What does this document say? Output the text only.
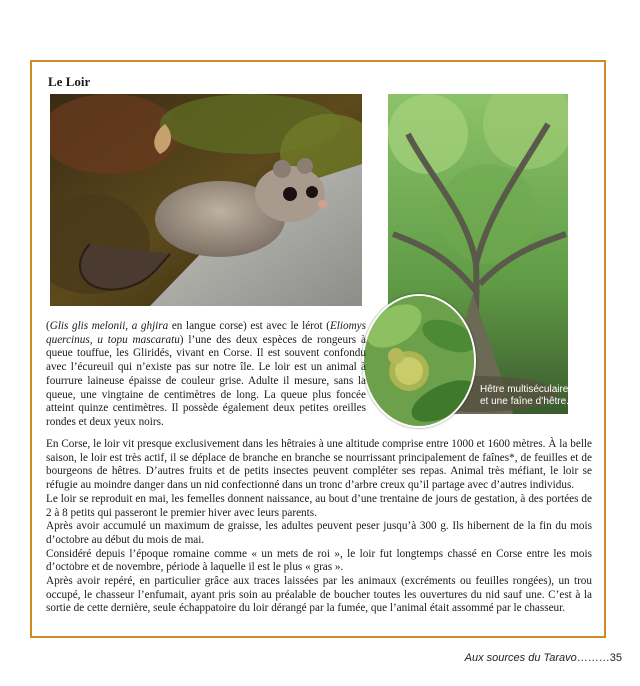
Le Loir
Hêtre multiséculaire et une faîne d’hêtre.

(Glis glis melonii, a ghjira en langue corse) est avec le lérot (Eliomys quercinus, u topu mascaratu) l’une des deux espèces de rongeurs à queue touffue, les Gliridés, vivant en Corse. Il est souvent confondu avec l’écureuil qui n’existe pas sur notre île. Le loir est un animal à fourrure laineuse épaisse de couleur grise. Adulte il mesure, sans la queue, une vingtaine de centimètres de long. La queue plus foncée atteint quinze centimètres. Il possède également deux petites oreilles rondes et deux yeux noirs.

En Corse, le loir vit presque exclusivement dans les hêtraies à une altitude comprise entre 1000 et 1600 mètres. À la belle saison, le loir est très actif, il se déplace de branche en branche se nourrissant principalement de faînes*, de feuilles et de bourgeons de hêtres. D’autres fruits et de petits insectes peuvent compléter ses repas. Animal très méfiant, le loir se réfugie au moindre danger dans un nid confectionné dans un tronc d’arbre creux qu’il partage avec d’autres individus.

Le loir se reproduit en mai, les femelles donnent naissance, au bout d’une trentaine de jours de gestation, à des portées de 2 à 8 petits qui passeront le premier hiver avec leurs parents.

Après avoir accumulé un maximum de graisse, les adultes peuvent peser jusqu’à 300 g. Ils hibernent de la fin du mois d’octobre au début du mois de mai.

Considéré depuis l’époque romaine comme « un mets de roi », le loir fut longtemps chassé en Corse entre les mois d’octobre et de novembre, période à laquelle il est le plus « gras ».

Après avoir repéré, en particulier grâce aux traces laissées par les animaux (excréments ou feuilles rongées), un trou occupé, le chasseur l’enfumait, ayant pris soin au préalable de boucher toutes les ouvertures du nid sauf une. C’est à la sortie de cette dernière, seule échappatoire du loir dérangé par la fumée, que l’animal était assommé par le chasseur.

Aux sources du Taravo………35
